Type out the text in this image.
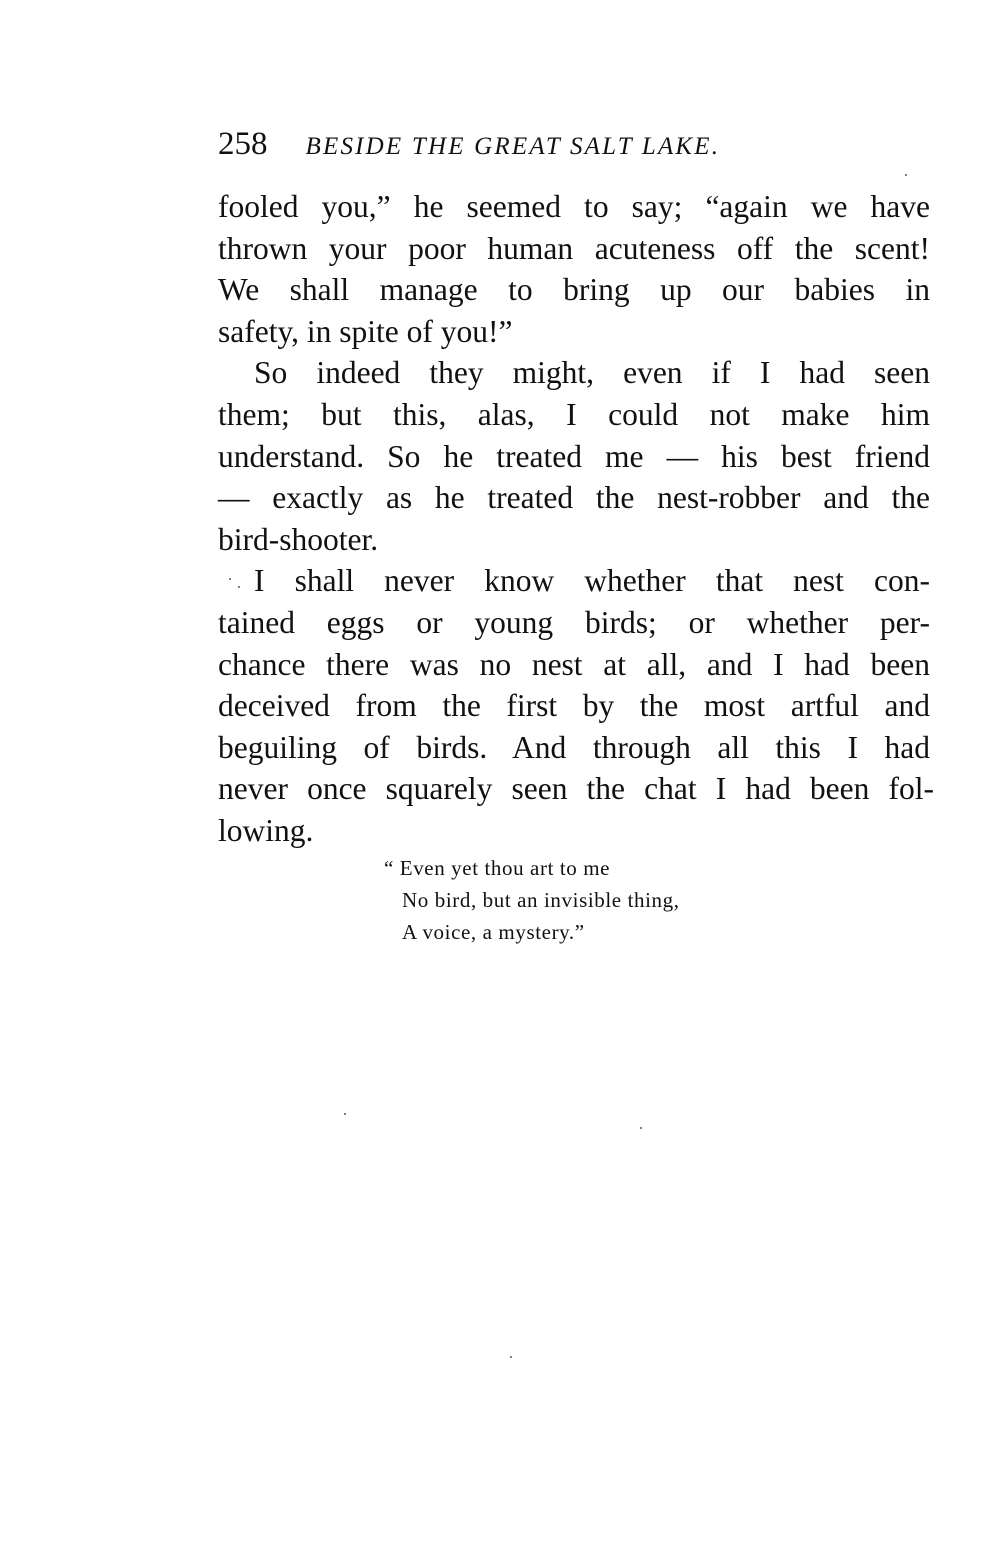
258 BESIDE THE GREAT SALT LAKE.
fooled you,” he seemed to say; “again we have
thrown your poor human acuteness off the scent!
We shall manage to bring up our babies in
safety, in spite of you!”
So indeed they might, even if I had seen
them; but this, alas, I could not make him
understand. So he treated me — his best friend
— exactly as he treated the nest-robber and the
bird-shooter.
I shall never know whether that nest con-
tained eggs or young birds; or whether per-
chance there was no nest at all, and I had been
deceived from the first by the most artful and
beguiling of birds. And through all this I had
never once squarely seen the chat I had been fol-
lowing.
“ Even yet thou art to me
No bird, but an invisible thing,
A voice, a mystery.”
